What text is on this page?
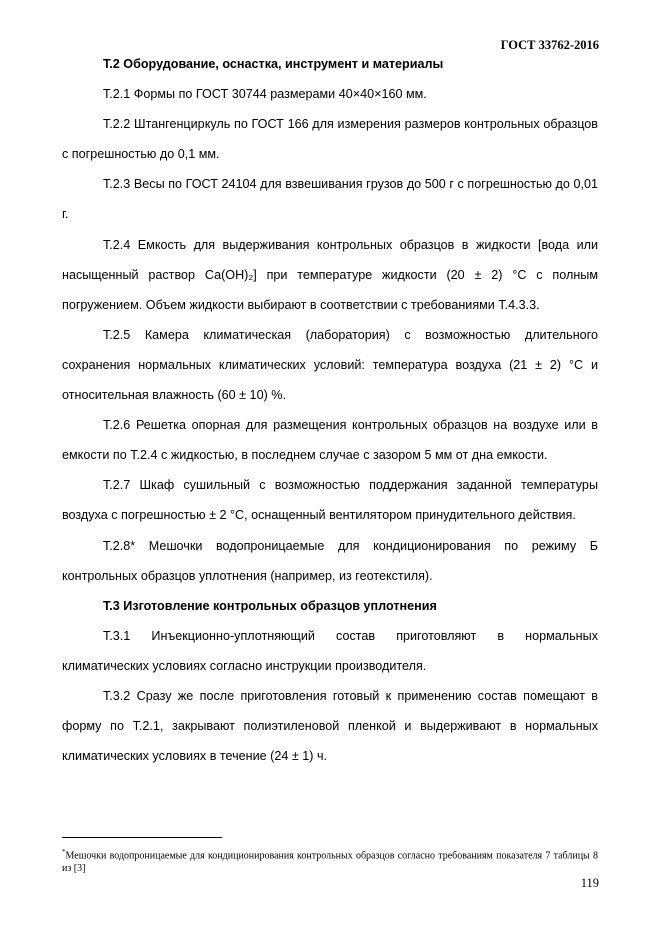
ГОСТ 33762-2016

Т.2 Оборудование, оснастка, инструмент и материалы

Т.2.1 Формы по ГОСТ 30744 размерами 40×40×160 мм.

Т.2.2 Штангенциркуль по ГОСТ 166 для измерения размеров контрольных образцов с погрешностью до 0,1 мм.

Т.2.3 Весы по ГОСТ 24104 для взвешивания грузов до 500 г с погрешностью до 0,01 г.

Т.2.4 Емкость для выдерживания контрольных образцов в жидкости [вода или насыщенный раствор Са(ОН)₂] при температуре жидкости (20 ± 2) °С с полным погружением. Объем жидкости выбирают в соответствии с требованиями Т.4.3.3.

Т.2.5 Камера климатическая (лаборатория) с возможностью длительного сохранения нормальных климатических условий: температура воздуха (21 ± 2) °С и относительная влажность (60 ± 10) %.

Т.2.6 Решетка опорная для размещения контрольных образцов на воздухе или в емкости по Т.2.4 с жидкостью, в последнем случае с зазором 5 мм от дна емкости.

Т.2.7 Шкаф сушильный с возможностью поддержания заданной температуры воздуха с погрешностью ± 2 °С, оснащенный вентилятором принудительного действия.

Т.2.8* Мешочки водопроницаемые для кондиционирования по режиму Б контрольных образцов уплотнения (например, из геотекстиля).

Т.3 Изготовление контрольных образцов уплотнения

Т.3.1 Инъекционно-уплотняющий состав приготовляют в нормальных климатических условиях согласно инструкции производителя.

Т.3.2 Сразу же после приготовления готовый к применению состав помещают в форму по Т.2.1, закрывают полиэтиленовой пленкой и выдерживают в нормальных климатических условиях в течение (24 ± 1) ч.

*Мешочки водопроницаемые для кондиционирования контрольных образцов согласно требованиям показателя 7 таблицы 8 из [3]
119
